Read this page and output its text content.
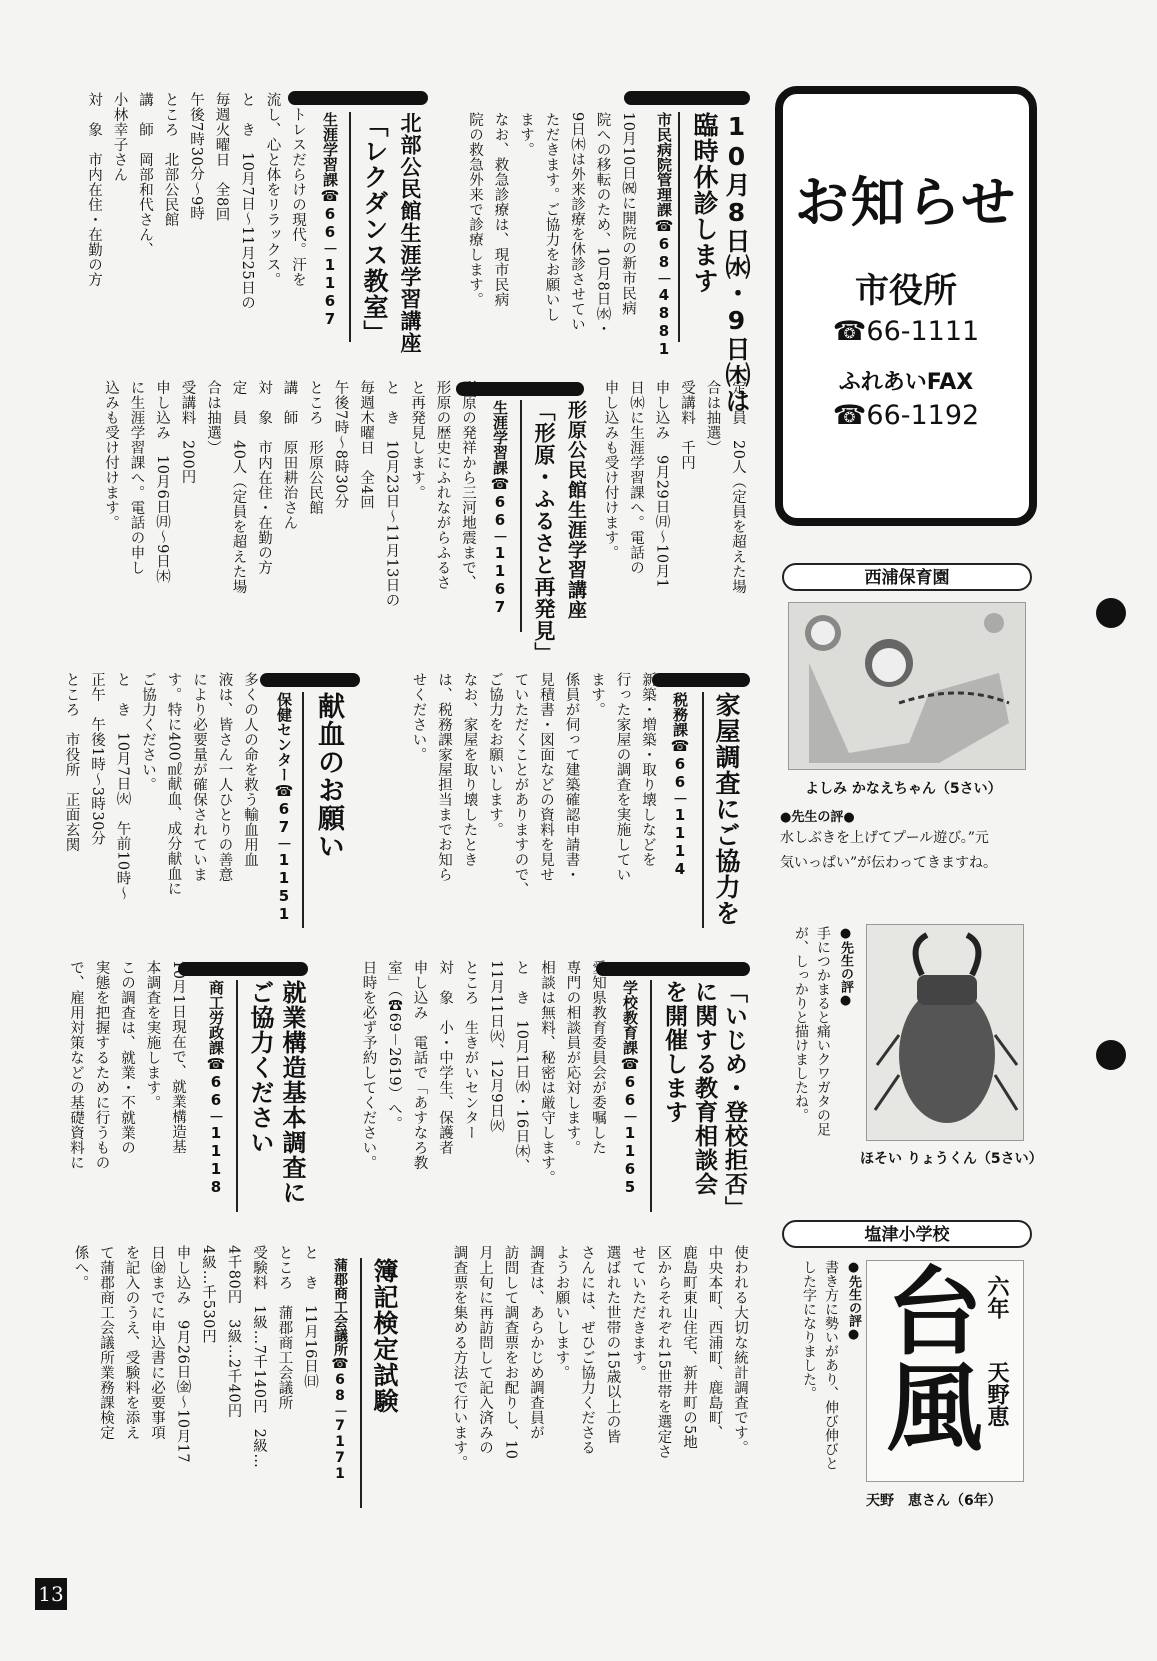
お知らせ
市役所
☎66-1111
ふれあいFAX
☎66-1192
西浦保育園
よしみ かなえちゃん（5さい）
●先生の評●
水しぶきを上げてプール遊び。”元
気いっぱい”が伝わってきますね。
●先生の評●
手につかまると痛いクワガタの足
が、しっかりと描けましたね。
ほそい りょうくん（5さい）
塩津小学校
●先生の評●
書き方に勢いがあり、伸び伸びと
した字になりました。	六年
天野恵
台風
天野　恵さん（6年）
10月8日㈬・9日㈭は
臨時休診します
市民病院管理課☎68－4881
10月10日㈷に開院の新市民病
院への移転のため、10月8日㈬・
9日㈭は外来診療を休診させてい
ただきます。ご協力をお願いし
ます。
なお、救急診療は、現市民病
院の救急外来で診療します。
北部公民館生涯学習講座
「レクダンス教室」
生涯学習課☎66－1167
ストレスだらけの現代。汗を
流し、心と体をリラックス。
と　き　10月7日～11月25日の
毎週火曜日　全8回
午後7時30分～9時
ところ　北部公民館
講　師　岡部和代さん、
小林幸子さん
対　象　市内在住・在勤の方
定　員　20人（定員を超えた場
合は抽選）
受講料　千円
申し込み　9月29日㈪～10月1
日㈬に生涯学習課へ。電話の
申し込みも受け付けます。
形原公民館生涯学習講座
「形原・ふるさと再発見」
生涯学習課☎66－1167
形原の発祥から三河地震まで、
形原の歴史にふれながらふるさ
と再発見します。
と　き　10月23日～11月13日の
毎週木曜日　全4回
午後7時～8時30分
ところ　形原公民館
講　師　原田耕治さん
対　象　市内在住・在勤の方
定　員　40人（定員を超えた場
合は抽選）
受講料　200円
申し込み　10月6日㈪～9日㈭
に生涯学習課へ。電話の申し
込みも受け付けます。
家屋調査にご協力を
税務課☎66－1114
新築・増築・取り壊しなどを
行った家屋の調査を実施してい
ます。
係員が伺って建築確認申請書・
見積書・図面などの資料を見せ
ていただくことがありますので、
ご協力をお願いします。
なお、家屋を取り壊したとき
は、税務課家屋担当までお知ら
せください。
献血のお願い
保健センター☎67－1151
多くの人の命を救う輸血用血
液は、皆さん一人ひとりの善意
により必要量が確保されていま
す。特に400㎖献血、成分献血に
ご協力ください。
と　き　10月7日㈫　午前10時～
正午　午後1時～3時30分
ところ　市役所　正面玄関
「いじめ・登校拒否」
に関する教育相談会
を開催します
学校教育課☎66－1165
愛知県教育委員会が委嘱した
専門の相談員が応対します。
相談は無料、秘密は厳守します。
と　き　10月1日㈬・16日㈭、
11月11日㈫、12月9日㈫
ところ　生きがいセンター
対　象　小・中学生、保護者
申し込み　電話で「あすなろ教
室」（☎69－2619）へ。
日時を必ず予約してください。
就業構造基本調査に
ご協力ください
商工労政課☎66－1118
10月1日現在で、就業構造基
本調査を実施します。
この調査は、就業・不就業の
実態を把握するために行うもの
で、雇用対策などの基礎資料に
使われる大切な統計調査です。
中央本町、西浦町、鹿島町、
鹿島町東山住宅、新井町の5地
区からそれぞれ15世帯を選定さ
せていただきます。
選ばれた世帯の15歳以上の皆
さんには、ぜひご協力くださる
ようお願いします。
調査は、あらかじめ調査員が
訪問して調査票をお配りし、10
月上旬に再訪問して記入済みの
調査票を集める方法で行います。
簿記検定試験
蒲郡商工会議所☎68－7171
と　き　11月16日㈰
ところ　蒲郡商工会議所
受験料　1級…7千140円　2級…
4千80円　3級…2千40円
4級…千530円
申し込み　9月26日㈮～10月17
日㈮までに申込書に必要事項
を記入のうえ、受験料を添え
て蒲郡商工会議所業務課検定
係へ。
13
